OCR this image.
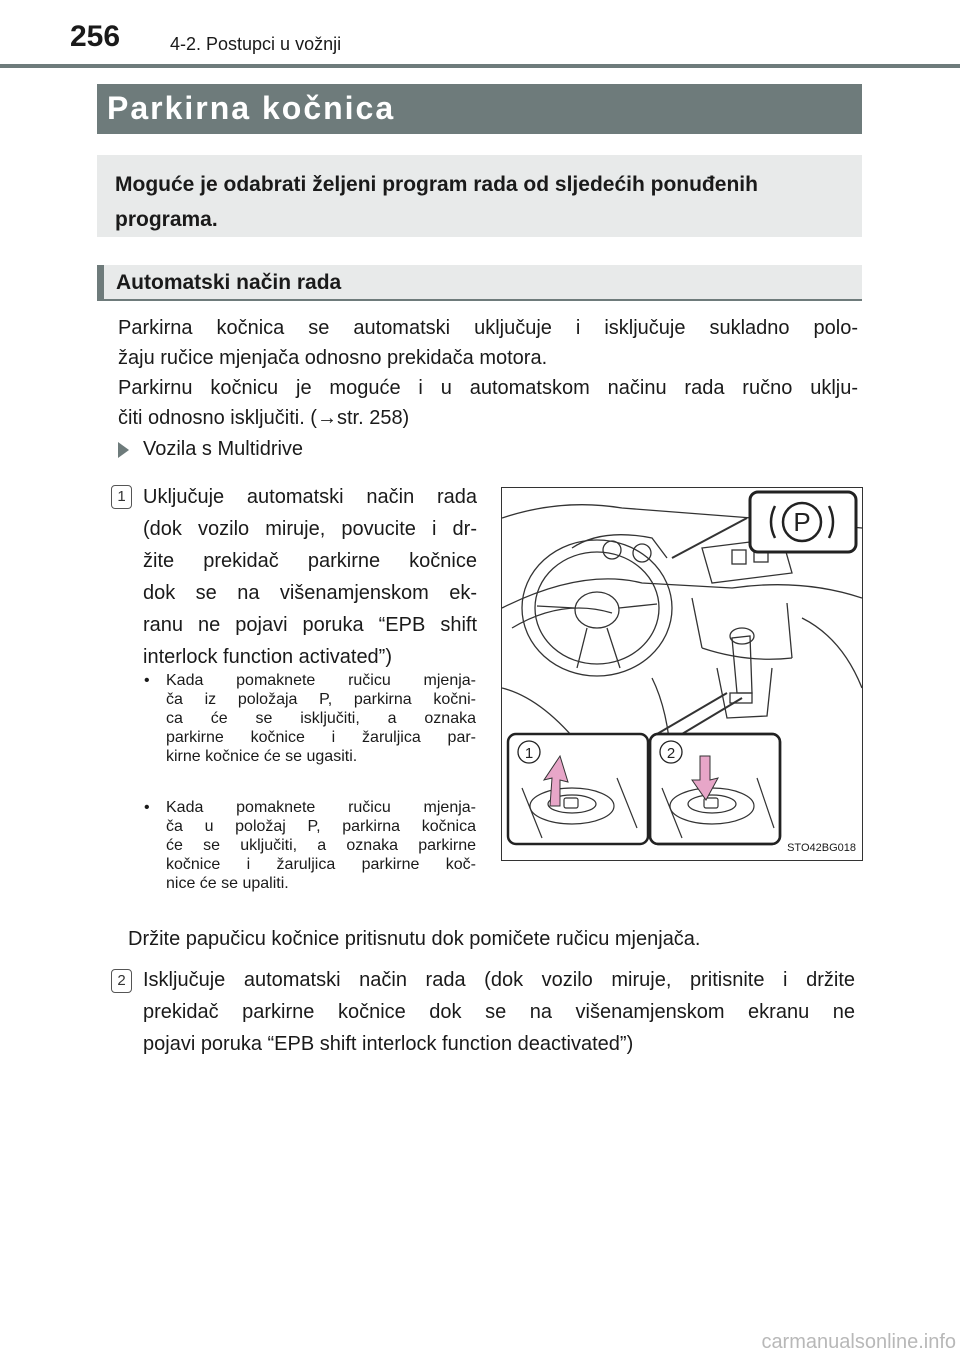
256	4-2. Postupci u vožnji
Parkirna kočnica
Moguće je odabrati željeni program rada od sljedećih ponuđenih
programa.
Automatski način rada
Parkirna kočnica se automatski uključuje i isključuje sukladno polo-
žaju ručice mjenjača odnosno prekidača motora.
Parkirnu kočnicu je moguće i u automatskom načinu rada ručno uklju-
čiti odnosno isključiti. (→str. 258)
Vozila s Multidrive
1 Uključuje automatski način rada
(dok vozilo miruje, povucite i dr-
žite prekidač parkirne kočnice
dok se na višenamjenskom ek-
ranu ne pojavi poruka “EPB shift
interlock function activated”)
•	Kada pomaknete ručicu mjenja-
ča iz položaja P, parkirna kočni-
ca će se isključiti, a oznaka
parkirne kočnice i žaruljica par-
kirne kočnice će se ugasiti.
•	Kada pomaknete ručicu mjenja-
ča u položaj P, parkirna kočnica
će se uključiti, a oznaka parkirne
kočnice i žaruljica parkirne koč-
nice će se upaliti.
P
1	2
STO42BG018
Držite papučicu kočnice pritisnutu dok pomičete ručicu mjenjača.
2 Isključuje automatski način rada (dok vozilo miruje, pritisnite i držite
prekidač parkirne kočnice dok se na višenamjenskom ekranu ne
pojavi poruka “EPB shift interlock function deactivated”)
carmanualsonline.info
